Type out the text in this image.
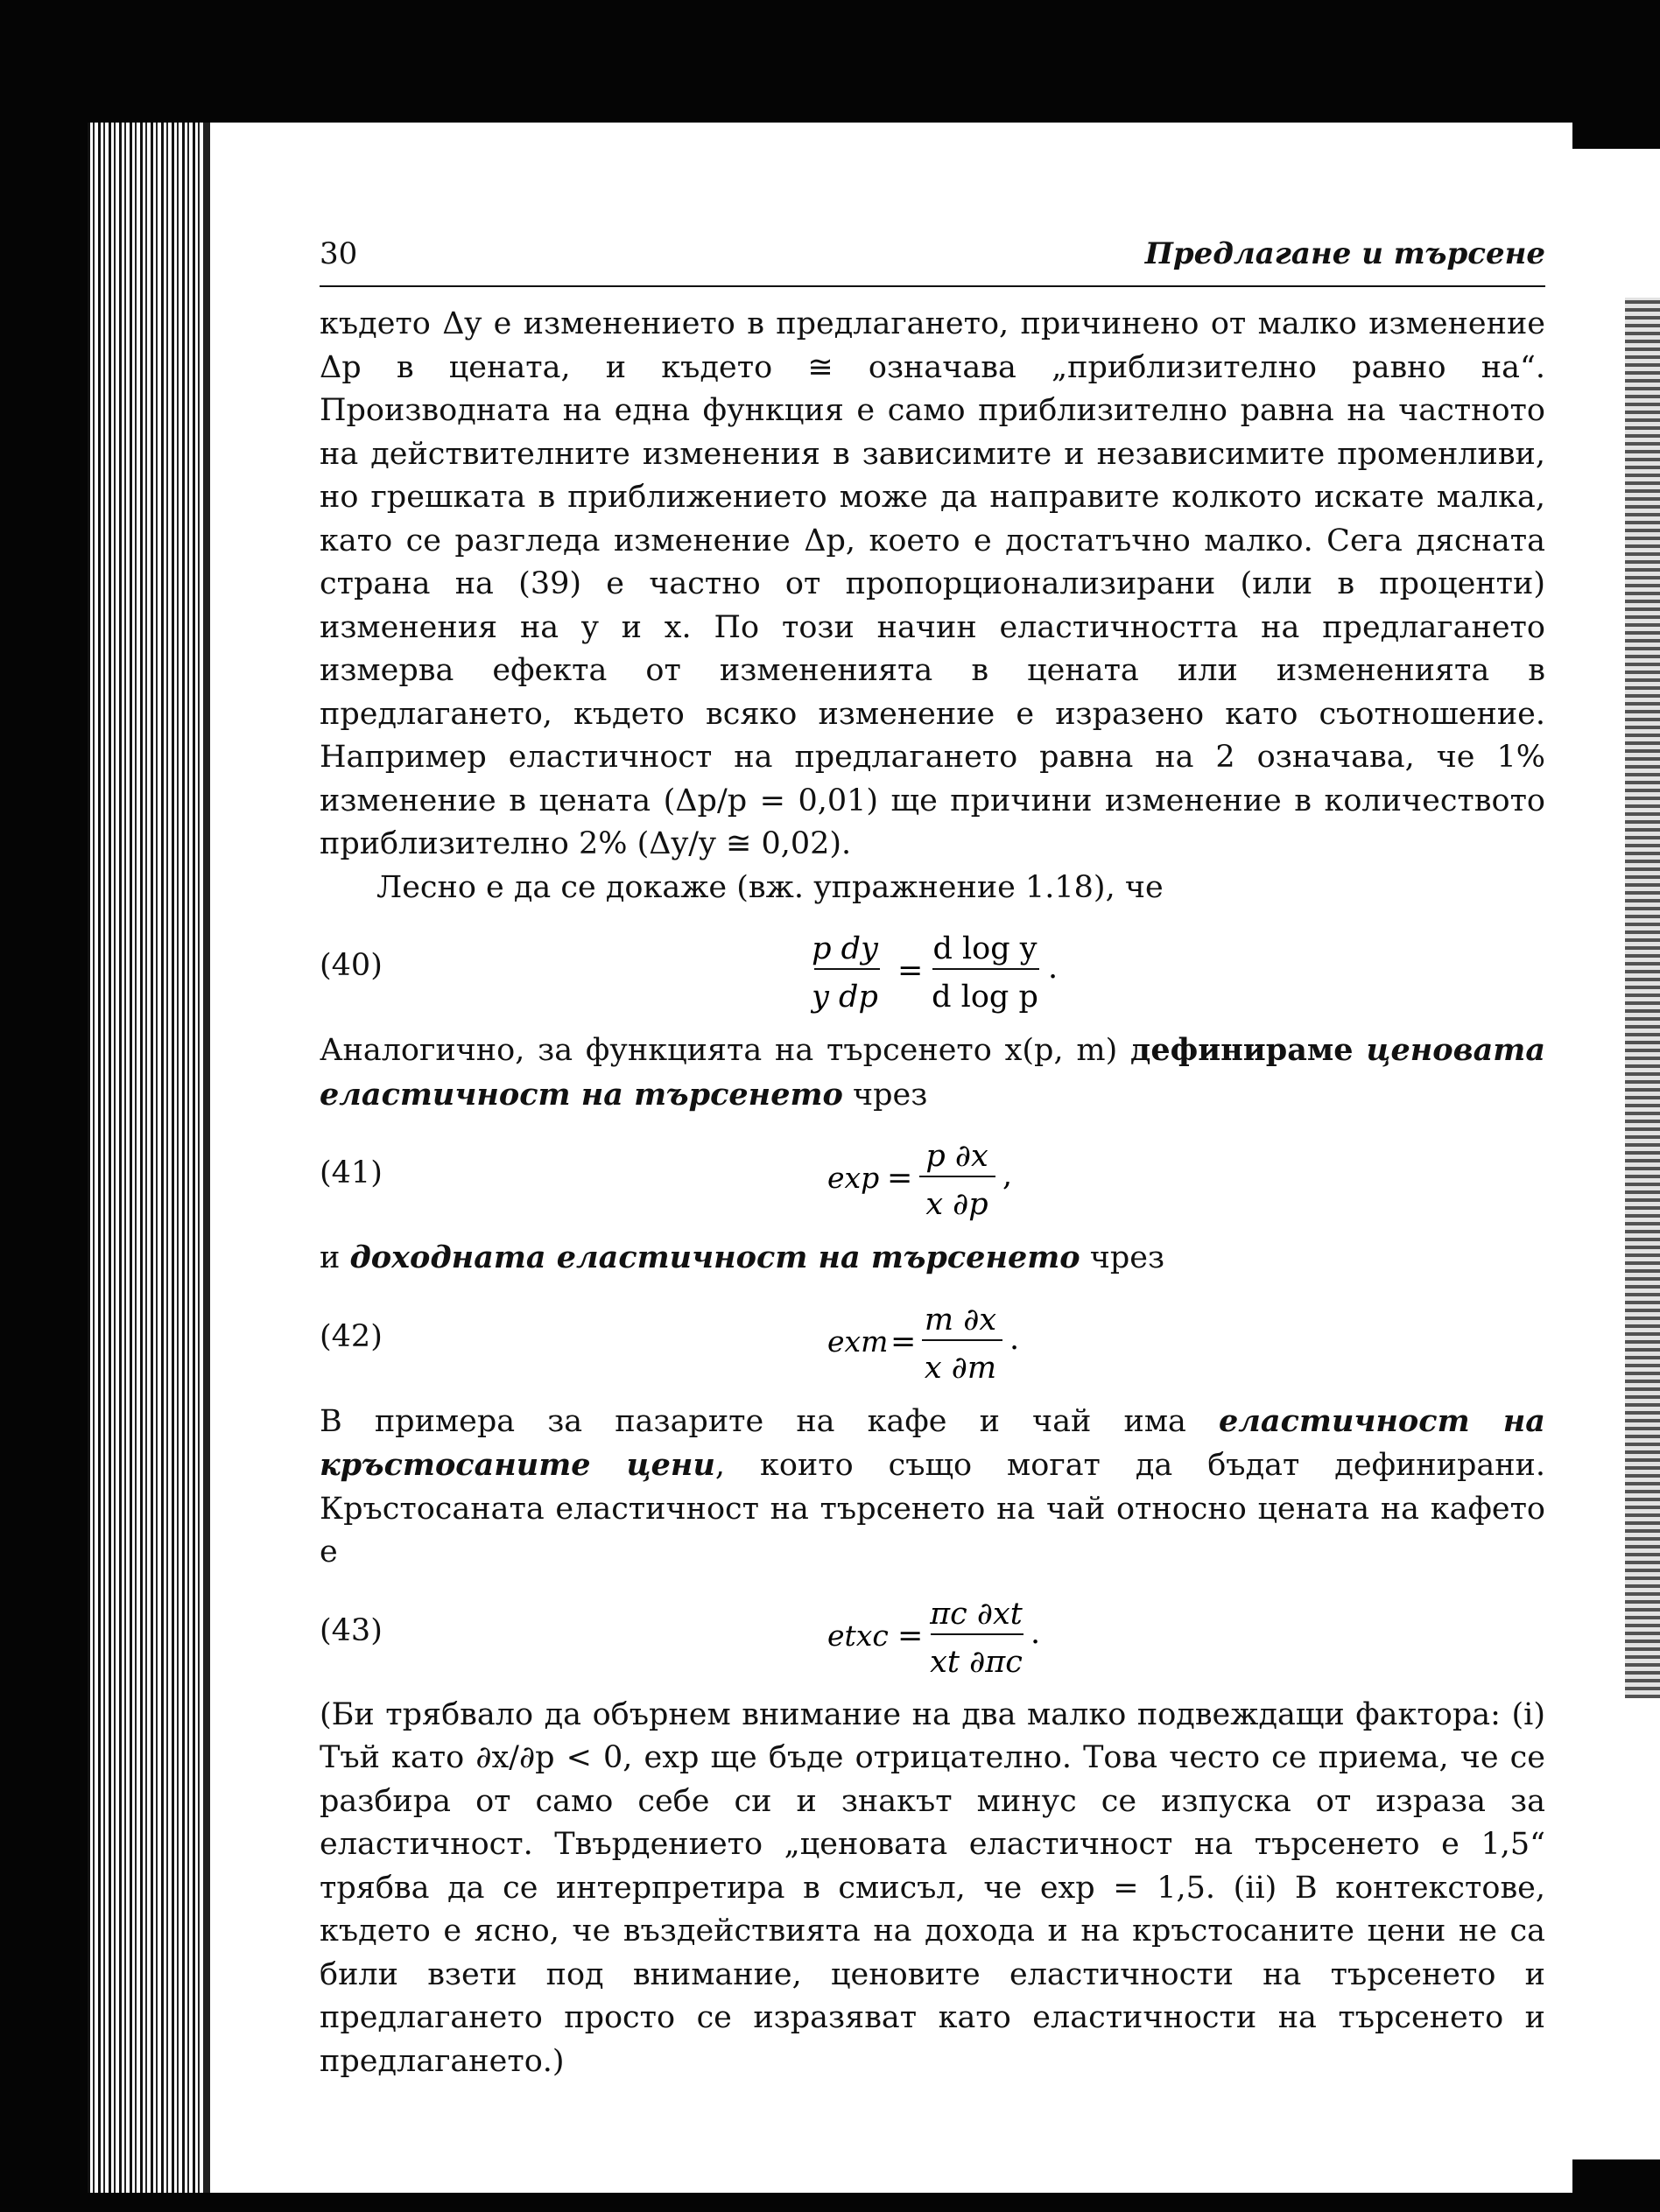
30	Предлагане и търсене

където Δy е изменението в предлагането, причинено от малко изменение Δp в цената, и където ≅ означава „приблизително равно на“. Производната на една функция е само приблизително равна на частното на действителните изменения в зависимите и независимите променливи, но грешката в приближението може да направите колкото искате малка, като се разгледа изменение Δp, което е достатъчно малко. Сега дясната страна на (39) е частно от пропорционализирани (или в проценти) изменения на y и x. По този начин еластичността на предлагането измерва ефекта от измененията в цената или измененията в предлагането, където всяко изменение е изразено като съотношение. Например еластичност на предлагането равна на 2 означава, че 1% изменение в цената (Δp/p = 0,01) ще причини изменение в количеството приблизително 2% (Δy/y ≅ 0,02).

Лесно е да се докаже (вж. упражнение 1.18), че

(40)	p dy
y dp
=
d log y
d log p
.

Аналогично, за функцията на търсенето x(p, m) дефинираме ценовата еластичност на търсенето чрез

(41)	exp =
p ∂x
x ∂p
,

и доходната еластичност на търсенето чрез

(42)	exm =
m ∂x
x ∂m
.

В примера за пазарите на кафе и чай има еластичност на кръстосаните цени, които също могат да бъдат дефинирани. Кръстосаната еластичност на търсенето на чай относно цената на кафето е

(43)	etxc =
πc ∂xt
xt ∂πc
.

(Би трябвало да обърнем внимание на два малко подвеждащи фактора: (i) Тъй като ∂x/∂p < 0, exp ще бъде отрицателно. Това често се приема, че се разбира от само себе си и знакът минус се изпуска от израза за еластичност. Твърдението „ценовата еластичност на търсенето е 1,5“ трябва да се интерпретира в смисъл, че exp = 1,5. (ii) В контекстове, където е ясно, че въздействията на дохода и на кръстосаните цени не са били взети под внимание, ценовите еластичности на търсенето и предлагането просто се изразяват като еластичности на търсенето и предлагането.)
